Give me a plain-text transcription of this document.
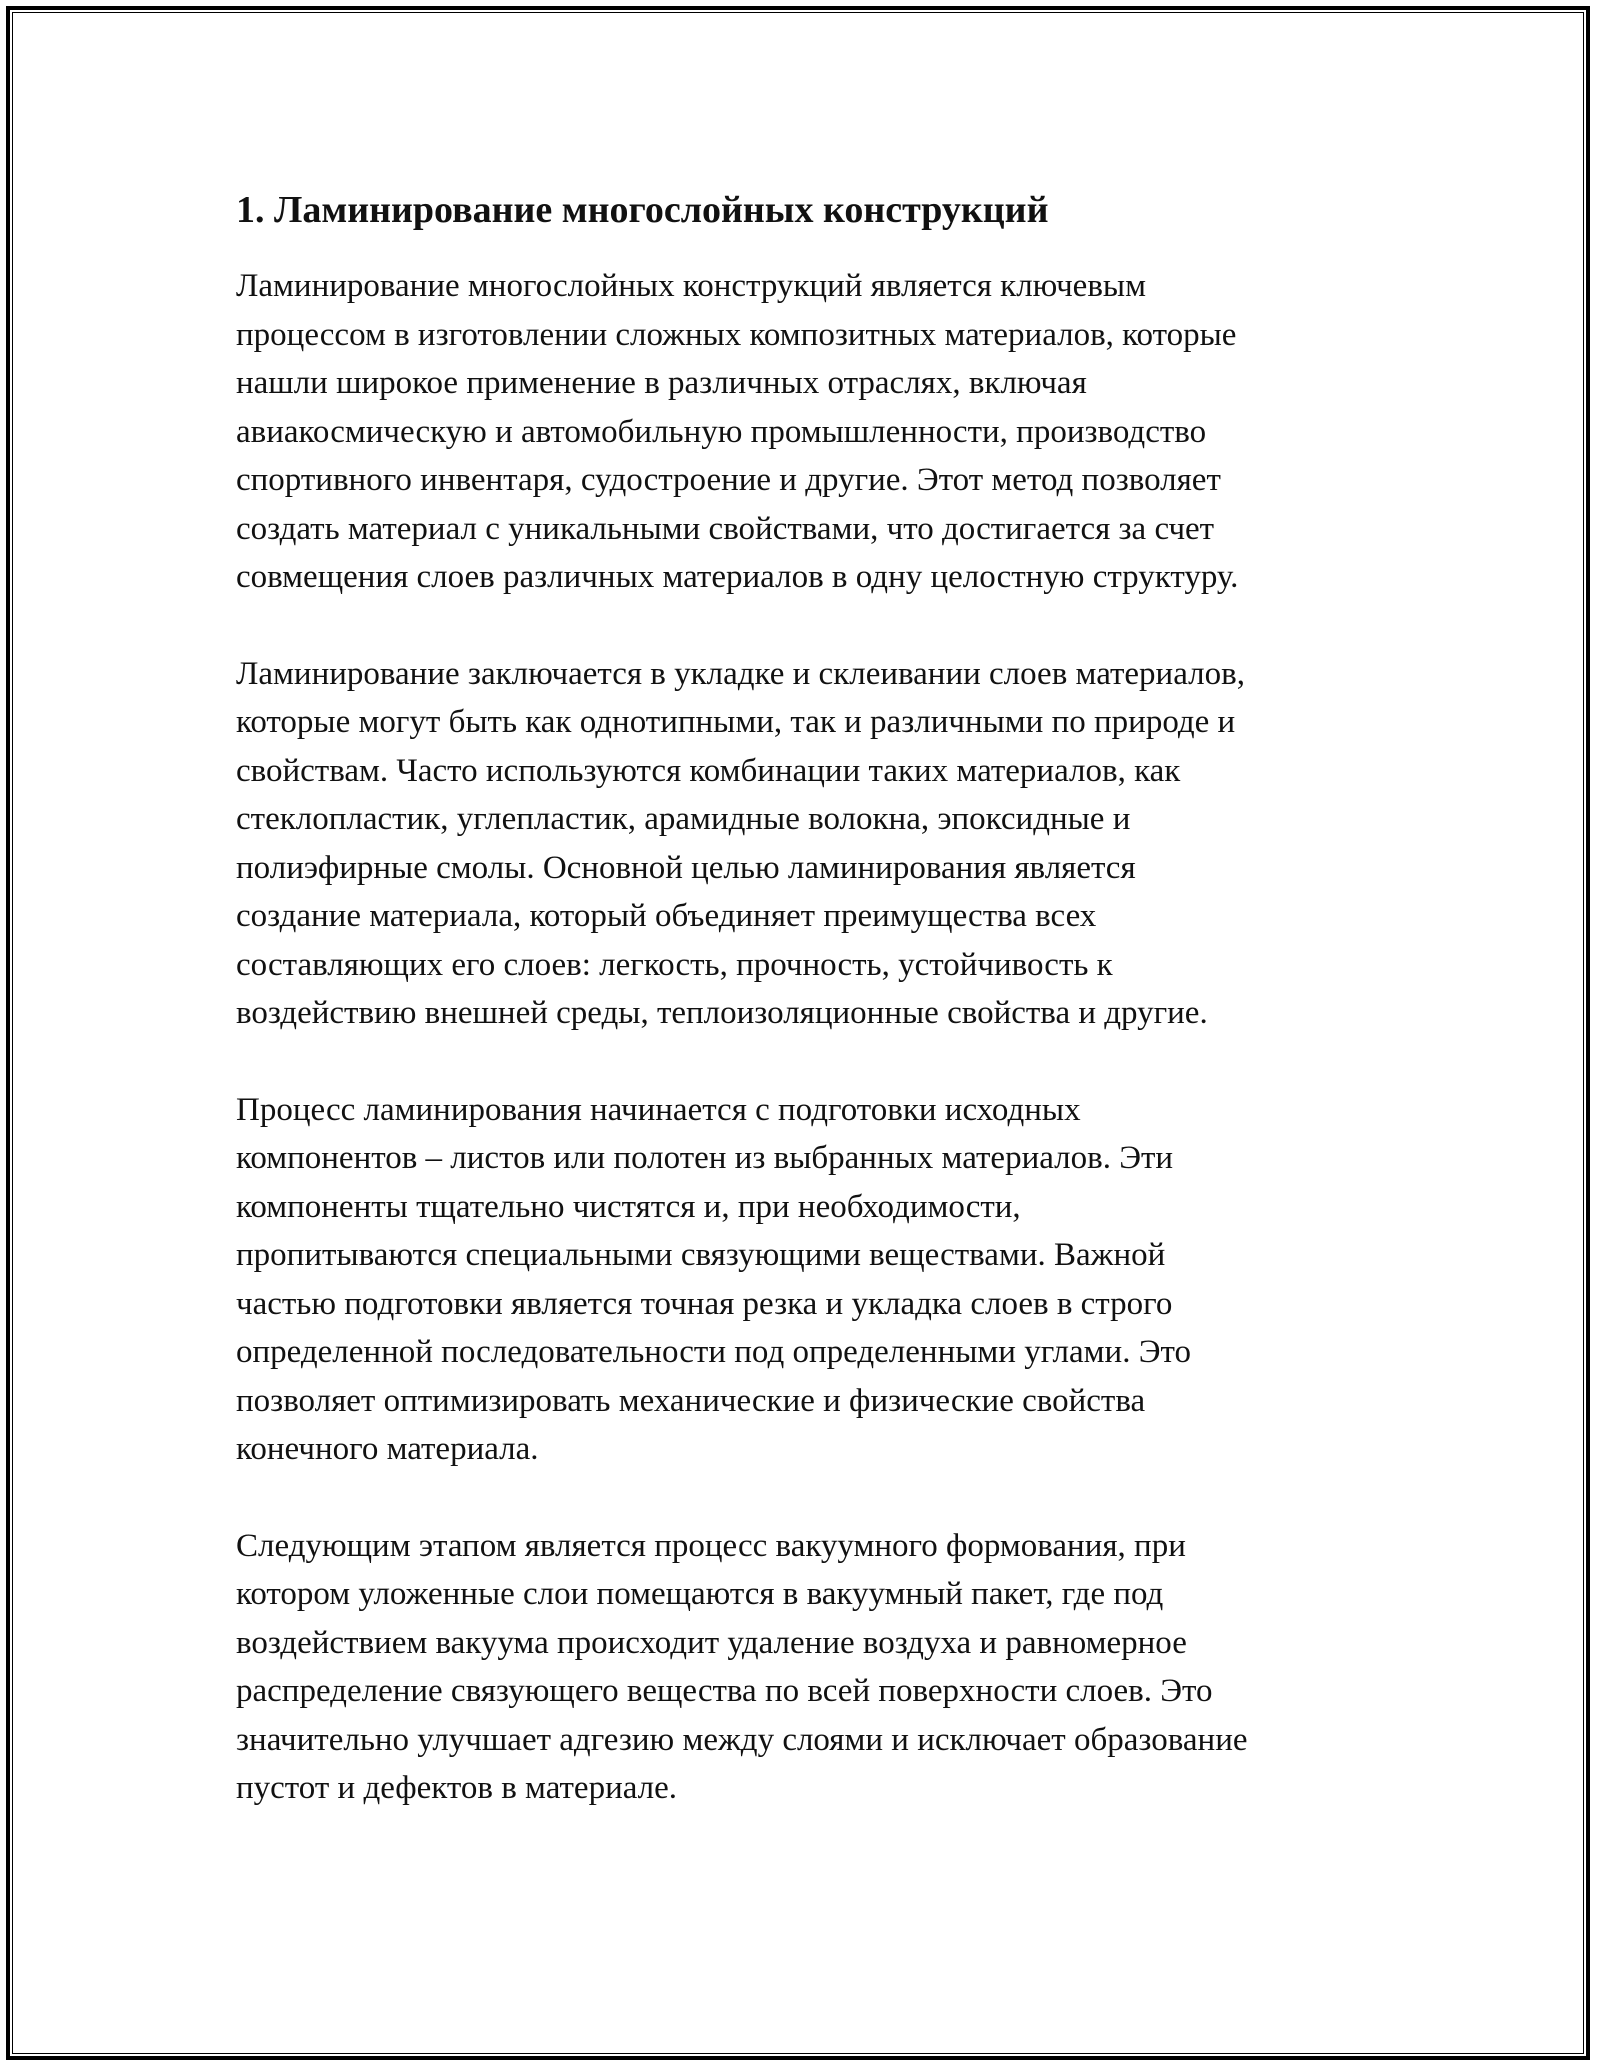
1. Ламинирование многослойных конструкций

Ламинирование многослойных конструкций является ключевым
процессом в изготовлении сложных композитных материалов, которые
нашли широкое применение в различных отраслях, включая
авиакосмическую и автомобильную промышленности, производство
спортивного инвентаря, судостроение и другие. Этот метод позволяет
создать материал с уникальными свойствами, что достигается за счет
совмещения слоев различных материалов в одну целостную структуру.

Ламинирование заключается в укладке и склеивании слоев материалов,
которые могут быть как однотипными, так и различными по природе и
свойствам. Часто используются комбинации таких материалов, как
стеклопластик, углепластик, арамидные волокна, эпоксидные и
полиэфирные смолы. Основной целью ламинирования является
создание материала, который объединяет преимущества всех
составляющих его слоев: легкость, прочность, устойчивость к
воздействию внешней среды, теплоизоляционные свойства и другие.

Процесс ламинирования начинается с подготовки исходных
компонентов – листов или полотен из выбранных материалов. Эти
компоненты тщательно чистятся и, при необходимости,
пропитываются специальными связующими веществами. Важной
частью подготовки является точная резка и укладка слоев в строго
определенной последовательности под определенными углами. Это
позволяет оптимизировать механические и физические свойства
конечного материала.

Следующим этапом является процесс вакуумного формования, при
котором уложенные слои помещаются в вакуумный пакет, где под
воздействием вакуума происходит удаление воздуха и равномерное
распределение связующего вещества по всей поверхности слоев. Это
значительно улучшает адгезию между слоями и исключает образование
пустот и дефектов в материале.
